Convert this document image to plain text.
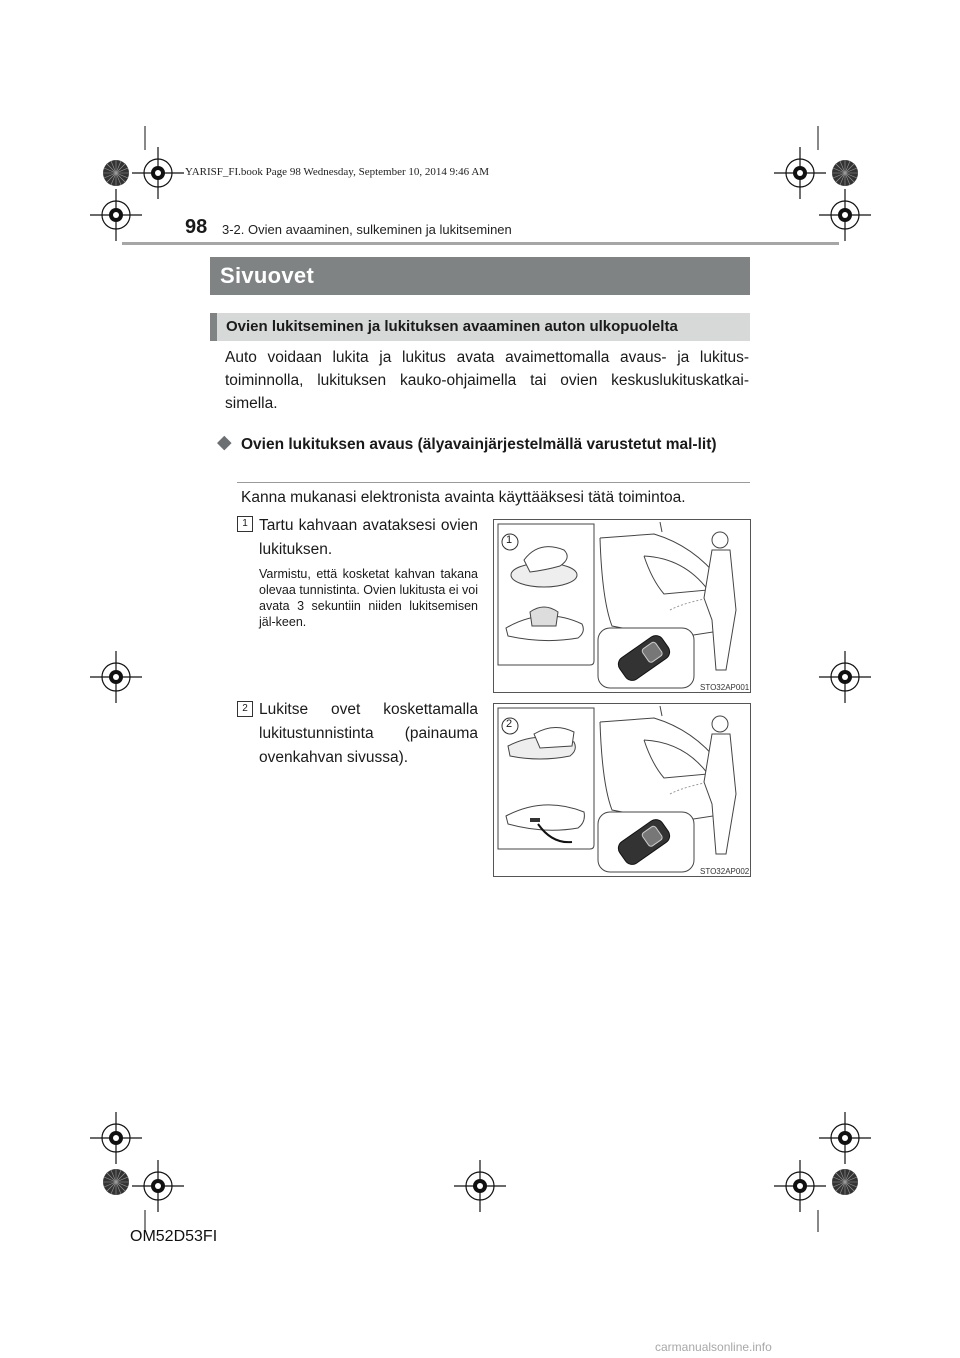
YARISF_FI.book Page 98 Wednesday, September 10, 2014 9:46 AM
98 3-2. Ovien avaaminen, sulkeminen ja lukitseminen
Sivuovet
Ovien lukitseminen ja lukituksen avaaminen auton ulkopuolelta
Auto voidaan lukita ja lukitus avata avaimettomalla avaus- ja lukitus-toiminnolla, lukituksen kauko-ohjaimella tai ovien keskuslukituskatkai-simella.
◆ Ovien lukituksen avaus (älyavainjärjestelmällä varustetut mal-lit)
Kanna mukanasi elektronista avainta käyttääksesi tätä toimintoa.
1 Tartu kahvaan avataksesi ovien lukituksen.
Varmistu, että kosketat kahvan takana olevaa tunnistinta. Ovien lukitusta ei voi avata 3 sekuntiin niiden lukitsemisen jäl-keen.
1
STO32AP001
2 Lukitse ovet koskettamalla lukitustunnistinta (painauma ovenkahvan sivussa).
2
STO32AP002
OM52D53FI
carmanualsonline.info
